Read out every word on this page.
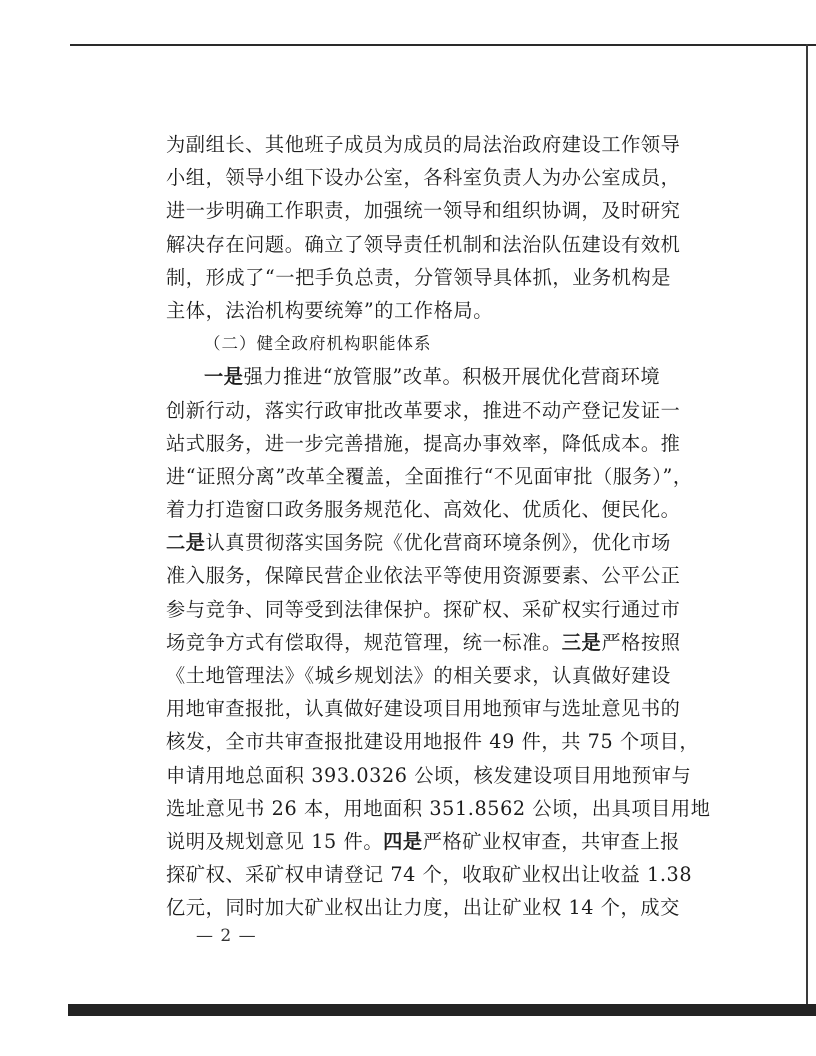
为副组长、其他班子成员为成员的局法治政府建设工作领导
小组，领导小组下设办公室，各科室负责人为办公室成员，
进一步明确工作职责，加强统一领导和组织协调，及时研究
解决存在问题。确立了领导责任机制和法治队伍建设有效机
制，形成了“一把手负总责，分管领导具体抓，业务机构是
主体，法治机构要统筹”的工作格局。
（二）健全政府机构职能体系
一是强力推进“放管服”改革。积极开展优化营商环境
创新行动，落实行政审批改革要求，推进不动产登记发证一
站式服务，进一步完善措施，提高办事效率，降低成本。推
进“证照分离”改革全覆盖，全面推行“不见面审批（服务）”，
着力打造窗口政务服务规范化、高效化、优质化、便民化。
二是认真贯彻落实国务院《优化营商环境条例》，优化市场
准入服务，保障民营企业依法平等使用资源要素、公平公正
参与竞争、同等受到法律保护。探矿权、采矿权实行通过市
场竞争方式有偿取得，规范管理，统一标准。三是严格按照
《土地管理法》《城乡规划法》的相关要求，认真做好建设
用地审查报批，认真做好建设项目用地预审与选址意见书的
核发，全市共审查报批建设用地报件 49 件，共 75 个项目，
申请用地总面积 393.0326 公顷，核发建设项目用地预审与
选址意见书 26 本，用地面积 351.8562 公顷，出具项目用地
说明及规划意见 15 件。四是严格矿业权审查，共审查上报
探矿权、采矿权申请登记 74 个，收取矿业权出让收益 1.38
亿元，同时加大矿业权出让力度，出让矿业权 14 个，成交
— 2 —
